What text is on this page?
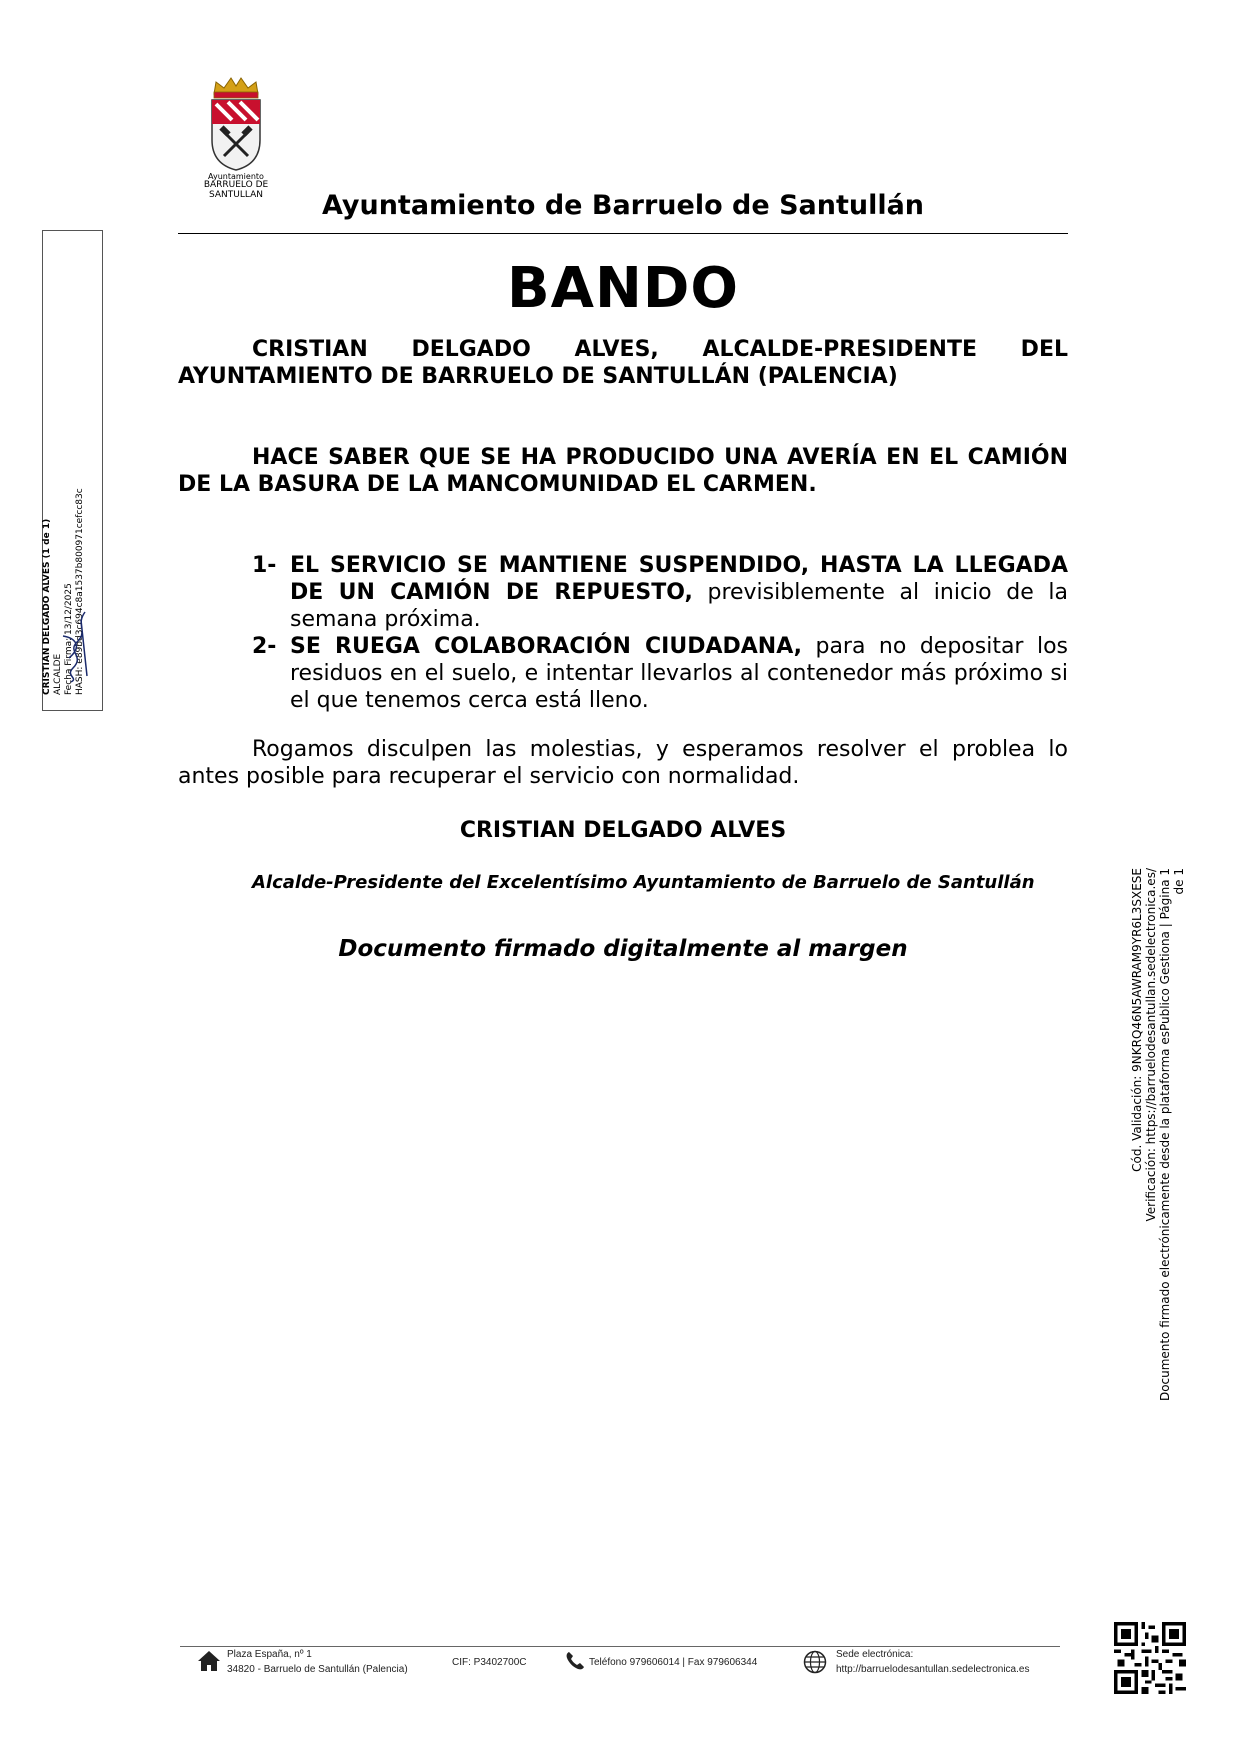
Ayuntamiento
BARRUELO DE SANTULLAN	Ayuntamiento de Barruelo de Santullán
BANDO
CRISTIAN DELGADO ALVES, ALCALDE-PRESIDENTE DEL AYUNTAMIENTO DE BARRUELO DE SANTULLÁN (PALENCIA)
HACE SABER QUE SE HA PRODUCIDO UNA AVERÍA EN EL CAMIÓN DE LA BASURA DE LA MANCOMUNIDAD EL CARMEN.
1- EL SERVICIO SE MANTIENE SUSPENDIDO, HASTA LA LLEGADA DE UN CAMIÓN DE REPUESTO, previsiblemente al inicio de la semana próxima.
2- SE RUEGA COLABORACIÓN CIUDADANA, para no depositar los residuos en el suelo, e intentar llevarlos al contenedor más próximo si el que tenemos cerca está lleno.
Rogamos disculpen las molestias, y esperamos resolver el problea lo antes posible para recuperar el servicio con normalidad.
CRISTIAN DELGADO ALVES
Alcalde-Presidente del Excelentísimo Ayuntamiento de Barruelo de Santullán
Documento firmado digitalmente al margen
CRISTIAN DELGADO ALVES (1 de 1) ALCALDE Fecha Firma: 13/12/2025 HASH: e89bd3c694c8a1537b800971cefcc83c
Cód. Validación: 9NKRQ46N5AWRAM9YR6L3SXESE Verificación: https://barruelodesantullan.sedelectronica.es/ Documento firmado electrónicamente desde la plataforma esPublico Gestiona | Página 1 de 1
Plaza España, nº 1
34820 - Barruelo de Santullán (Palencia)
CIF: P3402700C	Teléfono 979606014 | Fax 979606344
Sede electrónica:
http://barruelodesantullan.sedelectronica.es
